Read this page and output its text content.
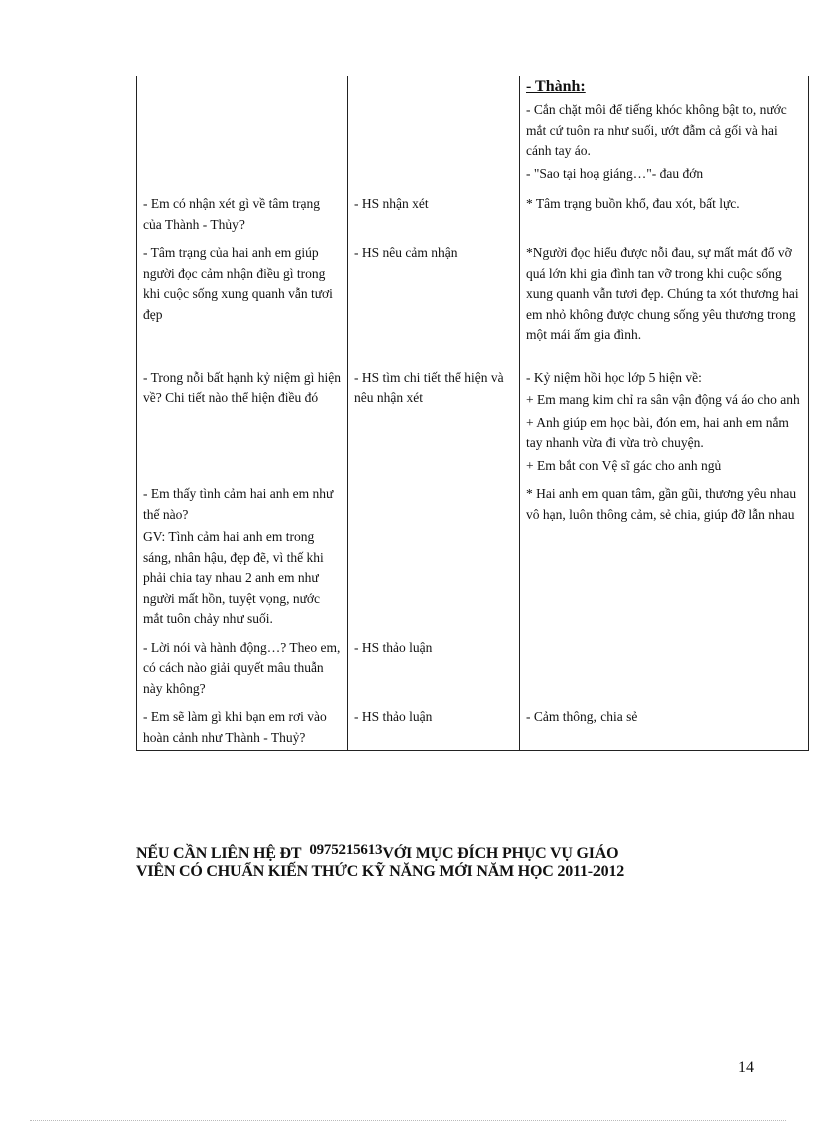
		- Thành:
- Cắn chặt môi để tiếng khóc không bật to, nước mắt cứ tuôn ra như suối, ướt đẫm cả gối và hai cánh tay áo.
- "Sao tại hoạ giáng…"- đau đớn

- Em có nhận xét gì về tâm trạng của Thành - Thủy?	- HS nhận xét	* Tâm trạng buồn khổ, đau xót, bất lực.

- Tâm trạng của hai anh em giúp người đọc cảm nhận điều gì trong khi cuộc sống xung quanh vẫn tươi đẹp	- HS nêu cảm nhận	*Người đọc hiểu được nỗi đau, sự mất mát đổ vỡ quá lớn khi gia đình tan vỡ trong khi cuộc sống xung quanh vẫn tươi đẹp. Chúng ta xót thương hai em nhỏ không được chung sống yêu thương trong một mái ấm gia đình.

- Trong nỗi bất hạnh kỷ niệm gì hiện về? Chi tiết nào thể hiện điều đó	- HS tìm chi tiết thể hiện và nêu nhận xét	- Kỷ niệm hồi học lớp 5 hiện về:
+ Em mang kim chỉ ra sân vận động vá áo cho anh
+ Anh giúp em học bài, đón em, hai anh em nắm tay nhanh vừa đi vừa trò chuyện.
+ Em bắt con Vệ sĩ gác cho anh ngủ

- Em thấy tình cảm hai anh em như thế nào?
GV: Tình cảm hai anh em trong sáng, nhân hậu, đẹp đẽ, vì thế khi phải chia tay nhau 2 anh em như người mất hồn, tuyệt vọng, nước mắt tuôn chảy như suối.		* Hai anh em quan tâm, gần gũi, thương yêu nhau vô hạn, luôn thông cảm, sẻ chia, giúp đỡ lẫn nhau

- Lời nói và hành động…? Theo em, có cách nào giải quyết mâu thuẫn này không?	- HS thảo luận	

- Em sẽ làm gì khi bạn em rơi vào hoàn cảnh như Thành - Thuỷ?	- HS thảo luận	- Cảm thông, chia sẻ
NẾU CẦN LIÊN HỆ ĐT 0975215613VỚI MỤC ĐÍCH PHỤC VỤ GIÁO
VIÊN CÓ CHUẨN KIẾN THỨC KỸ NĂNG MỚI NĂM HỌC 2011-2012
14
